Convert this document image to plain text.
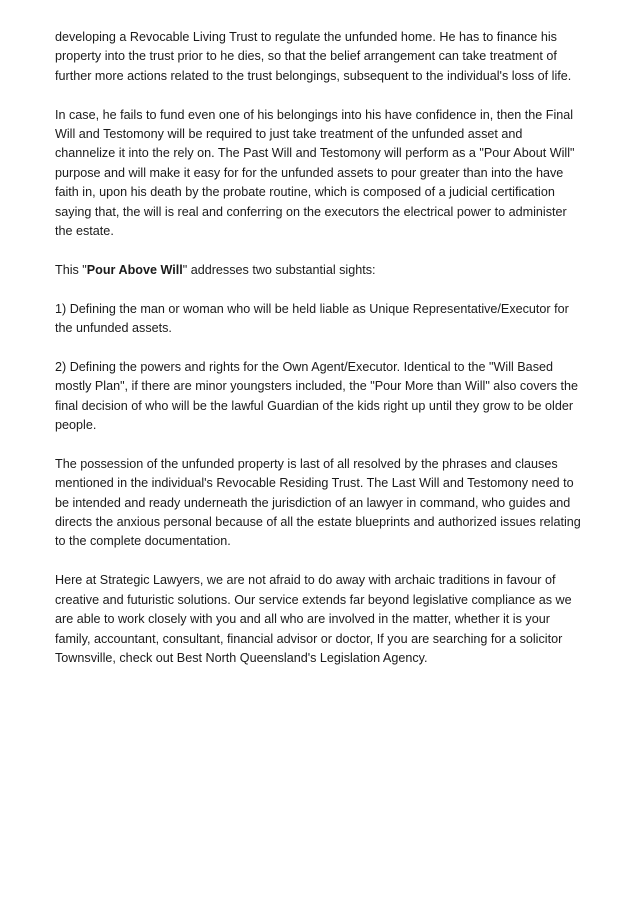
developing a Revocable Living Trust to regulate the unfunded home. He has to finance his property into the trust prior to he dies, so that the belief arrangement can take treatment of further more actions related to the trust belongings, subsequent to the individual's loss of life.

In case, he fails to fund even one of his belongings into his have confidence in, then the Final Will and Testomony will be required to just take treatment of the unfunded asset and channelize it into the rely on. The Past Will and Testomony will perform as a "Pour About Will" purpose and will make it easy for for the unfunded assets to pour greater than into the have faith in, upon his death by the probate routine, which is composed of a judicial certification saying that, the will is real and conferring on the executors the electrical power to administer the estate.

This "Pour Above Will" addresses two substantial sights:

1) Defining the man or woman who will be held liable as Unique Representative/Executor for the unfunded assets.

2) Defining the powers and rights for the Own Agent/Executor. Identical to the "Will Based mostly Plan", if there are minor youngsters included, the "Pour More than Will" also covers the final decision of who will be the lawful Guardian of the kids right up until they grow to be older people.

The possession of the unfunded property is last of all resolved by the phrases and clauses mentioned in the individual's Revocable Residing Trust. The Last Will and Testomony need to be intended and ready underneath the jurisdiction of an lawyer in command, who guides and directs the anxious personal because of all the estate blueprints and authorized issues relating to the complete documentation.

Here at Strategic Lawyers, we are not afraid to do away with archaic traditions in favour of creative and futuristic solutions. Our service extends far beyond legislative compliance as we are able to work closely with you and all who are involved in the matter, whether it is your family, accountant, consultant, financial advisor or doctor, If you are searching for a solicitor Townsville, check out Best North Queensland's Legislation Agency.
